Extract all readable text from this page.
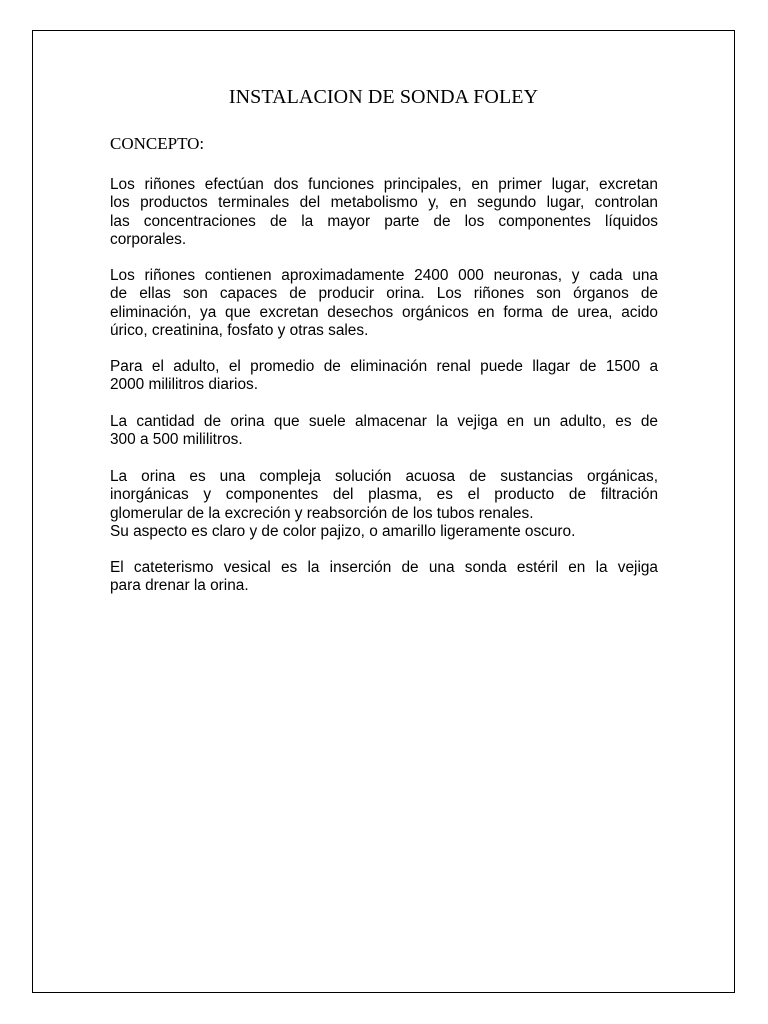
INSTALACION DE SONDA FOLEY
CONCEPTO:
Los riñones efectúan dos funciones principales, en primer lugar, excretan
los productos terminales del metabolismo y, en segundo lugar, controlan
las concentraciones de la mayor parte de los componentes líquidos
corporales.
Los riñones contienen aproximadamente 2400 000 neuronas, y cada una
de ellas son capaces de producir orina. Los riñones son órganos de
eliminación, ya que excretan desechos orgánicos en forma de urea, acido
úrico, creatinina, fosfato y otras sales.
Para el adulto, el promedio de eliminación renal puede llagar de 1500 a
2000 mililitros diarios.
La cantidad de orina que suele almacenar la vejiga en un adulto, es de
300 a 500 mililitros.
La orina es una compleja solución acuosa de sustancias orgánicas,
inorgánicas y componentes del plasma, es el producto de filtración
glomerular de la excreción y reabsorción de los tubos renales.
Su aspecto es claro y de color pajizo, o amarillo ligeramente oscuro.
El cateterismo vesical es la inserción de una sonda estéril en la vejiga
para drenar la orina.
